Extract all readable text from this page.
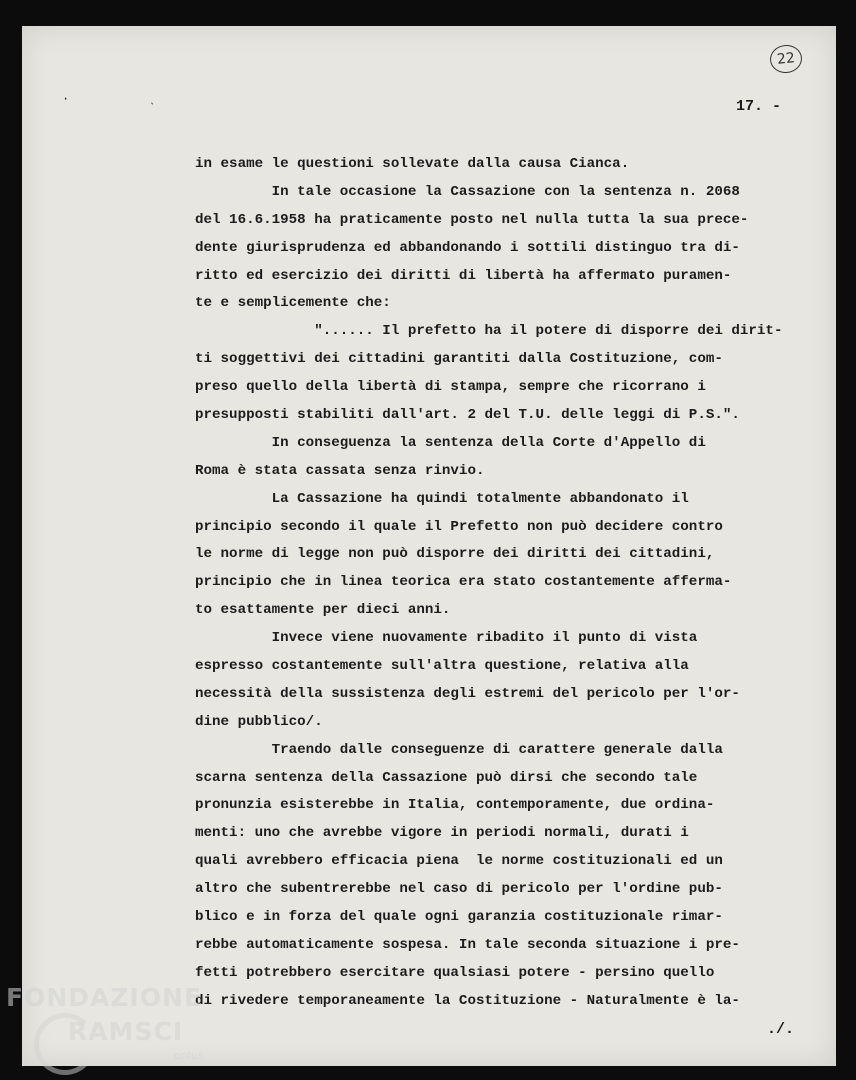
· ˎ
22
17. -
in esame le questioni sollevate dalla causa Cianca.
In tale occasione la Cassazione con la sentenza n. 2068
del 16.6.1958 ha praticamente posto nel nulla tutta la sua prece-
dente giurisprudenza ed abbandonando i sottili distinguo tra di-
ritto ed esercizio dei diritti di libertà ha affermato puramen-
te e semplicemente che:
"...... Il prefetto ha il potere di disporre dei dirit-
ti soggettivi dei cittadini garantiti dalla Costituzione, com-
preso quello della libertà di stampa, sempre che ricorrano i
presupposti stabiliti dall'art. 2 del T.U. delle leggi di P.S.".
In conseguenza la sentenza della Corte d'Appello di
Roma è stata cassata senza rinvio.
La Cassazione ha quindi totalmente abbandonato il
principio secondo il quale il Prefetto non può decidere contro
le norme di legge non può disporre dei diritti dei cittadini,
principio che in linea teorica era stato costantemente afferma-
to esattamente per dieci anni.
Invece viene nuovamente ribadito il punto di vista
espresso costantemente sull'altra questione, relativa alla
necessità della sussistenza degli estremi del pericolo per l'or-
dine pubblico/.
Traendo dalle conseguenze di carattere generale dalla
scarna sentenza della Cassazione può dirsi che secondo tale
pronunzia esisterebbe in Italia, contemporamente, due ordina-
menti: uno che avrebbe vigore in periodi normali, durati i
quali avrebbero efficacia piena  le norme costituzionali ed un
altro che subentrerebbe nel caso di pericolo per l'ordine pub-
blico e in forza del quale ogni garanzia costituzionale rimar-
rebbe automaticamente sospesa. In tale seconda situazione i pre-
fetti potrebbero esercitare qualsiasi potere - persino quello
di rivedere temporaneamente la Costituzione - Naturalmente è la-
./.
FONDAZIONE
RAMSCI
onlus
